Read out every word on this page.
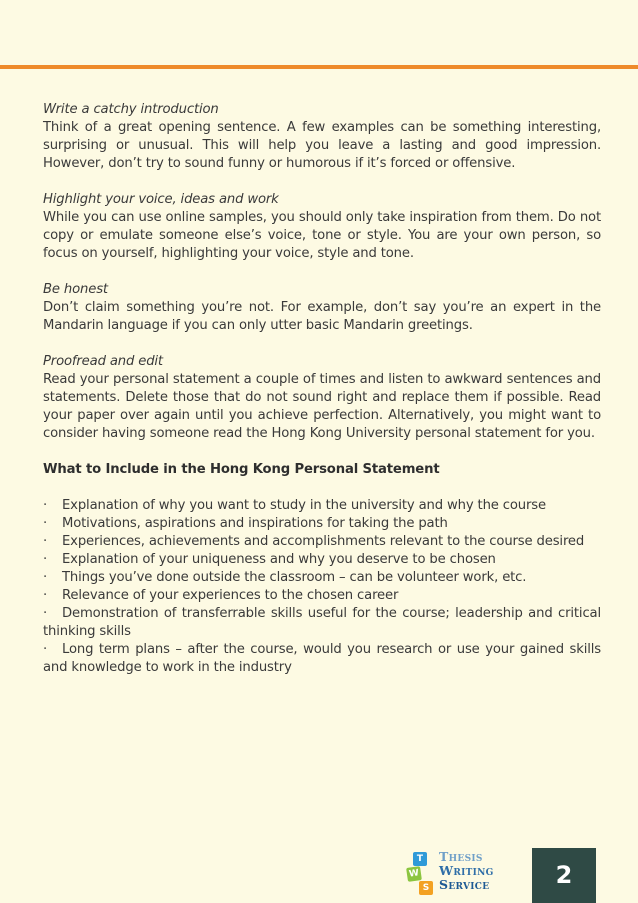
Write a catchy introduction

Think of a great opening sentence. A few examples can be something interesting, surprising or unusual. This will help you leave a lasting and good impression. However, don’t try to sound funny or humorous if it’s forced or offensive.

Highlight your voice, ideas and work

While you can use online samples, you should only take inspiration from them. Do not copy or emulate someone else’s voice, tone or style. You are your own person, so focus on yourself, highlighting your voice, style and tone.

Be honest

Don’t claim something you’re not. For example, don’t say you’re an expert in the Mandarin language if you can only utter basic Mandarin greetings.

Proofread and edit

Read your personal statement a couple of times and listen to awkward sentences and statements. Delete those that do not sound right and replace them if possible. Read your paper over again until you achieve perfection. Alternatively, you might want to consider having someone read the Hong Kong University personal statement for you.

What to Include in the Hong Kong Personal Statement

· Explanation of why you want to study in the university and why the course
· Motivations, aspirations and inspirations for taking the path
· Experiences, achievements and accomplishments relevant to the course desired
· Explanation of your uniqueness and why you deserve to be chosen
· Things you’ve done outside the classroom – can be volunteer work, etc.
· Relevance of your experiences to the chosen career
· Demonstration of transferrable skills useful for the course; leadership and critical thinking skills
· Long term plans – after the course, would you research or use your gained skills and knowledge to work in the industry
T
W
S
Thesis
Writing
Service	2
